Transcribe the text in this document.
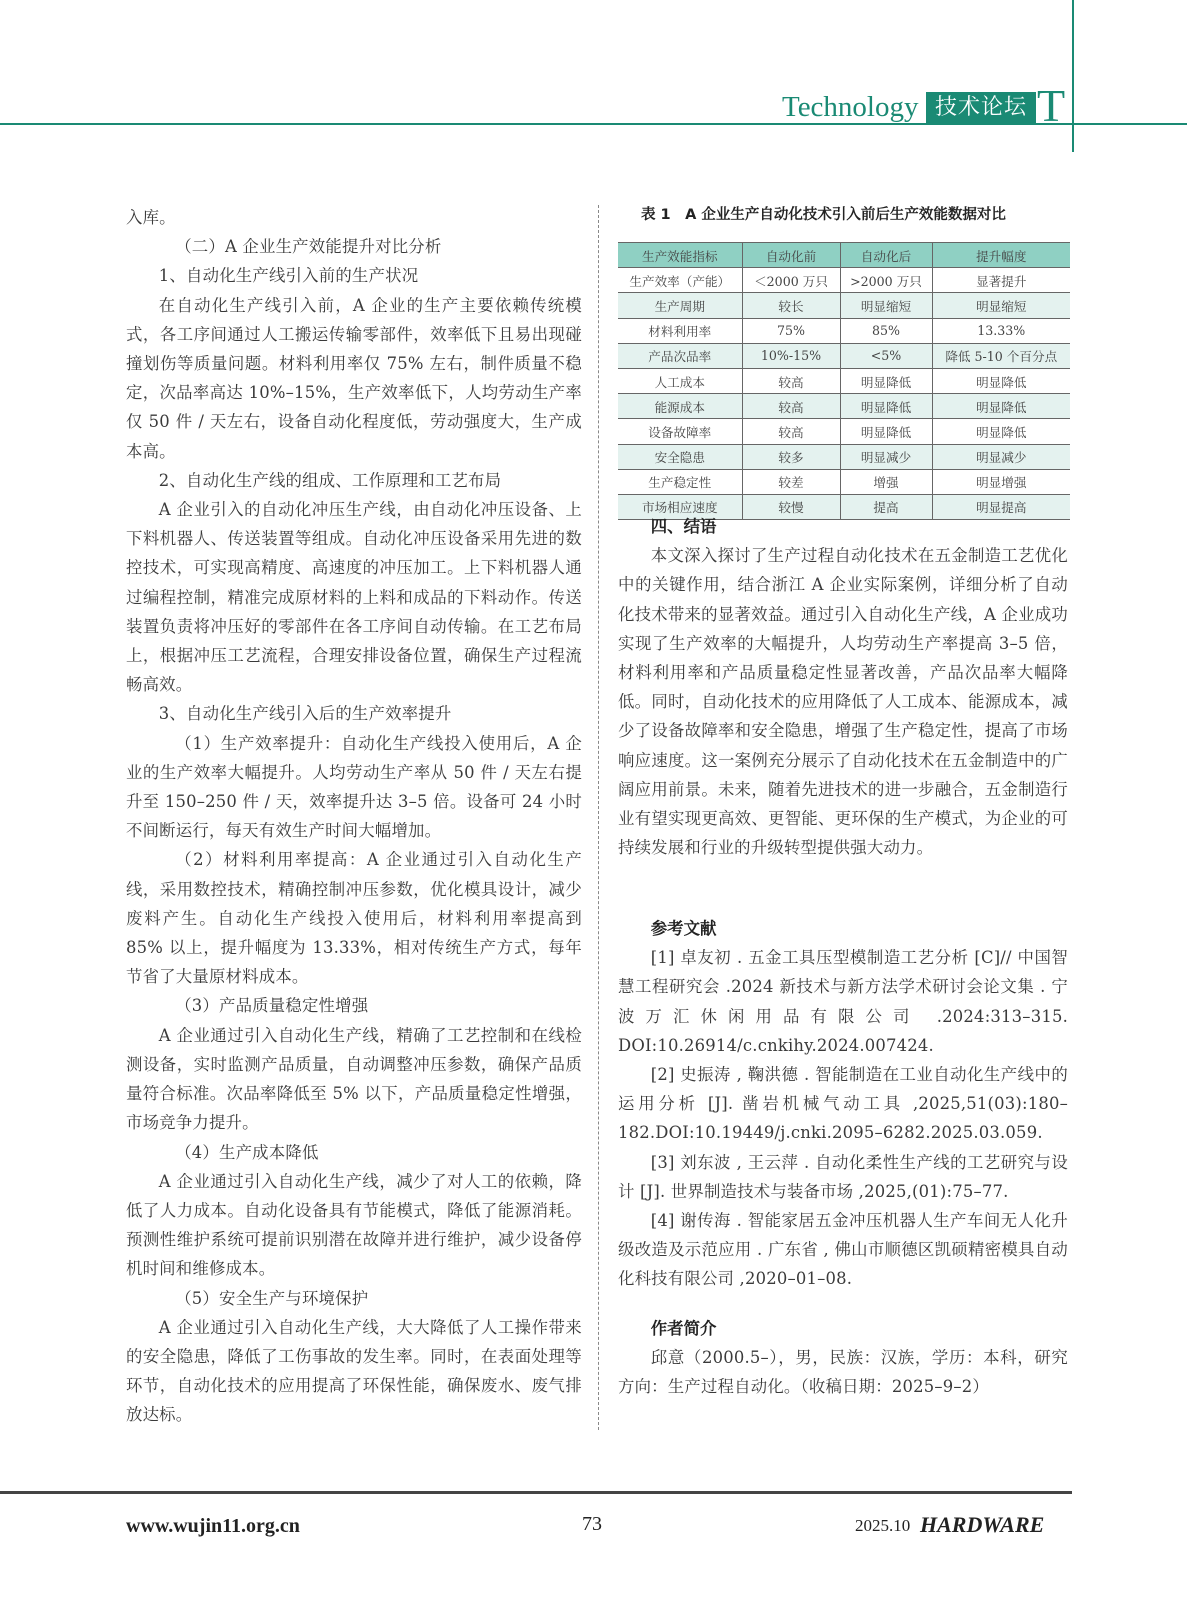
Technology 技术论坛 T

入库。

（二）A 企业生产效能提升对比分析

1、自动化生产线引入前的生产状况

在自动化生产线引入前，A 企业的生产主要依赖传统模式，各工序间通过人工搬运传输零部件，效率低下且易出现碰撞划伤等质量问题。材料利用率仅 75% 左右，制件质量不稳定，次品率高达 10%–15%，生产效率低下，人均劳动生产率仅 50 件 / 天左右，设备自动化程度低，劳动强度大，生产成本高。

2、自动化生产线的组成、工作原理和工艺布局

A 企业引入的自动化冲压生产线，由自动化冲压设备、上下料机器人、传送装置等组成。自动化冲压设备采用先进的数控技术，可实现高精度、高速度的冲压加工。上下料机器人通过编程控制，精准完成原材料的上料和成品的下料动作。传送装置负责将冲压好的零部件在各工序间自动传输。在工艺布局上，根据冲压工艺流程，合理安排设备位置，确保生产过程流畅高效。

3、自动化生产线引入后的生产效率提升

（1）生产效率提升：自动化生产线投入使用后，A 企业的生产效率大幅提升。人均劳动生产率从 50 件 / 天左右提升至 150–250 件 / 天，效率提升达 3–5 倍。设备可 24 小时不间断运行，每天有效生产时间大幅增加。

（2）材料利用率提高：A 企业通过引入自动化生产线，采用数控技术，精确控制冲压参数，优化模具设计，减少废料产生。自动化生产线投入使用后，材料利用率提高到 85% 以上，提升幅度为 13.33%，相对传统生产方式，每年节省了大量原材料成本。

（3）产品质量稳定性增强

A 企业通过引入自动化生产线，精确了工艺控制和在线检测设备，实时监测产品质量，自动调整冲压参数，确保产品质量符合标准。次品率降低至 5% 以下，产品质量稳定性增强，市场竞争力提升。

（4）生产成本降低

A 企业通过引入自动化生产线，减少了对人工的依赖，降低了人力成本。自动化设备具有节能模式，降低了能源消耗。预测性维护系统可提前识别潜在故障并进行维护，减少设备停机时间和维修成本。

（5）安全生产与环境保护

A 企业通过引入自动化生产线，大大降低了人工操作带来的安全隐患，降低了工伤事故的发生率。同时，在表面处理等环节，自动化技术的应用提高了环保性能，确保废水、废气排放达标。

表 1　A 企业生产自动化技术引入前后生产效能数据对比
生产效能指标	自动化前	自动化后	提升幅度
生产效率（产能）	＜2000 万只	>2000 万只	显著提升
生产周期	较长	明显缩短	明显缩短
材料利用率	75%	85%	13.33%
产品次品率	10%-15%	<5%	降低 5-10 个百分点
人工成本	较高	明显降低	明显降低
能源成本	较高	明显降低	明显降低
设备故障率	较高	明显降低	明显降低
安全隐患	较多	明显减少	明显减少
生产稳定性	较差	增强	明显增强
市场相应速度	较慢	提高	明显提高

四、结语

本文深入探讨了生产过程自动化技术在五金制造工艺优化中的关键作用，结合浙江 A 企业实际案例，详细分析了自动化技术带来的显著效益。通过引入自动化生产线，A 企业成功实现了生产效率的大幅提升，人均劳动生产率提高 3–5 倍，材料利用率和产品质量稳定性显著改善，产品次品率大幅降低。同时，自动化技术的应用降低了人工成本、能源成本，减少了设备故障率和安全隐患，增强了生产稳定性，提高了市场响应速度。这一案例充分展示了自动化技术在五金制造中的广阔应用前景。未来，随着先进技术的进一步融合，五金制造行业有望实现更高效、更智能、更环保的生产模式，为企业的可持续发展和行业的升级转型提供强大动力。

参考文献

[1] 卓友初 . 五金工具压型模制造工艺分析 [C]// 中国智慧工程研究会 .2024 新技术与新方法学术研讨会论文集 . 宁波万汇休闲用品有限公司 .2024:313–315. DOI:10.26914/c.cnkihy.2024.007424.

[2] 史振涛 , 鞠洪德 . 智能制造在工业自动化生产线中的运用分析 [J]. 凿岩机械气动工具 ,2025,51(03):180–182.DOI:10.19449/j.cnki.2095–6282.2025.03.059.

[3] 刘东波 , 王云萍 . 自动化柔性生产线的工艺研究与设计 [J]. 世界制造技术与装备市场 ,2025,(01):75–77.

[4] 谢传海 . 智能家居五金冲压机器人生产车间无人化升级改造及示范应用 . 广东省 , 佛山市顺德区凯硕精密模具自动化科技有限公司 ,2020–01–08.

作者简介

邱意（2000.5–），男，民族：汉族，学历：本科，研究方向：生产过程自动化。（收稿日期：2025–9–2）

www.wujin11.org.cn	73	2025.10 HARDWARE
